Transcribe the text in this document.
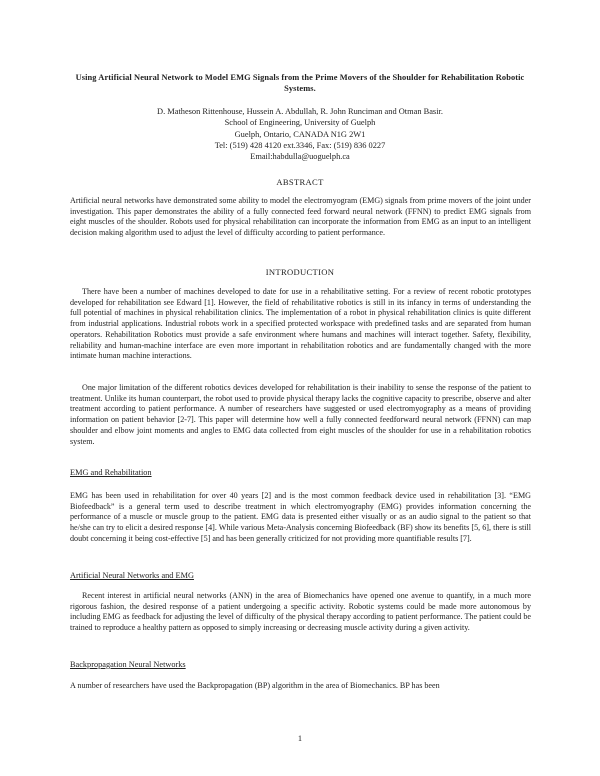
Using Artificial Neural Network to Model EMG Signals from the Prime Movers of the Shoulder for Rehabilitation Robotic Systems.
D. Matheson Rittenhouse, Hussein A. Abdullah, R. John Runciman and Otman Basir.
School of Engineering, University of Guelph
Guelph, Ontario, CANADA N1G 2W1
Tel: (519) 428 4120 ext.3346, Fax: (519) 836 0227
Email:habdulla@uoguelph.ca
ABSTRACT

Artificial neural networks have demonstrated some ability to model the electromyogram (EMG) signals from prime movers of the joint under investigation. This paper demonstrates the ability of a fully connected feed forward neural network (FFNN) to predict EMG signals from eight muscles of the shoulder. Robots used for physical rehabilitation can incorporate the information from EMG as an input to an intelligent decision making algorithm used to adjust the level of difficulty according to patient performance.

INTRODUCTION

There have been a number of machines developed to date for use in a rehabilitative setting. For a review of recent robotic prototypes developed for rehabilitation see Edward [1]. However, the field of rehabilitative robotics is still in its infancy in terms of understanding the full potential of machines in physical rehabilitation clinics. The implementation of a robot in physical rehabilitation clinics is quite different from industrial applications. Industrial robots work in a specified protected workspace with predefined tasks and are separated from human operators. Rehabilitation Robotics must provide a safe environment where humans and machines will interact together. Safety, flexibility, reliability and human-machine interface are even more important in rehabilitation robotics and are fundamentally changed with the more intimate human machine interactions.

One major limitation of the different robotics devices developed for rehabilitation is their inability to sense the response of the patient to treatment. Unlike its human counterpart, the robot used to provide physical therapy lacks the cognitive capacity to prescribe, observe and alter treatment according to patient performance. A number of researchers have suggested or used electromyography as a means of providing information on patient behavior [2-7]. This paper will determine how well a fully connected feedforward neural network (FFNN) can map shoulder and elbow joint moments and angles to EMG data collected from eight muscles of the shoulder for use in a rehabilitation robotics system.

EMG and Rehabilitation

EMG has been used in rehabilitation for over 40 years [2] and is the most common feedback device used in rehabilitation [3]. “EMG Biofeedback” is a general term used to describe treatment in which electromyography (EMG) provides information concerning the performance of a muscle or muscle group to the patient. EMG data is presented either visually or as an audio signal to the patient so that he/she can try to elicit a desired response [4]. While various Meta-Analysis concerning Biofeedback (BF) show its benefits [5, 6], there is still doubt concerning it being cost-effective [5] and has been generally criticized for not providing more quantifiable results [7].

Artificial Neural Networks and EMG

Recent interest in artificial neural networks (ANN) in the area of Biomechanics have opened one avenue to quantify, in a much more rigorous fashion, the desired response of a patient undergoing a specific activity. Robotic systems could be made more autonomous by including EMG as feedback for adjusting the level of difficulty of the physical therapy according to patient performance. The patient could be trained to reproduce a healthy pattern as opposed to simply increasing or decreasing muscle activity during a given activity.

Backpropagation Neural Networks

A number of researchers have used the Backpropagation (BP) algorithm in the area of Biomechanics. BP has been

1
